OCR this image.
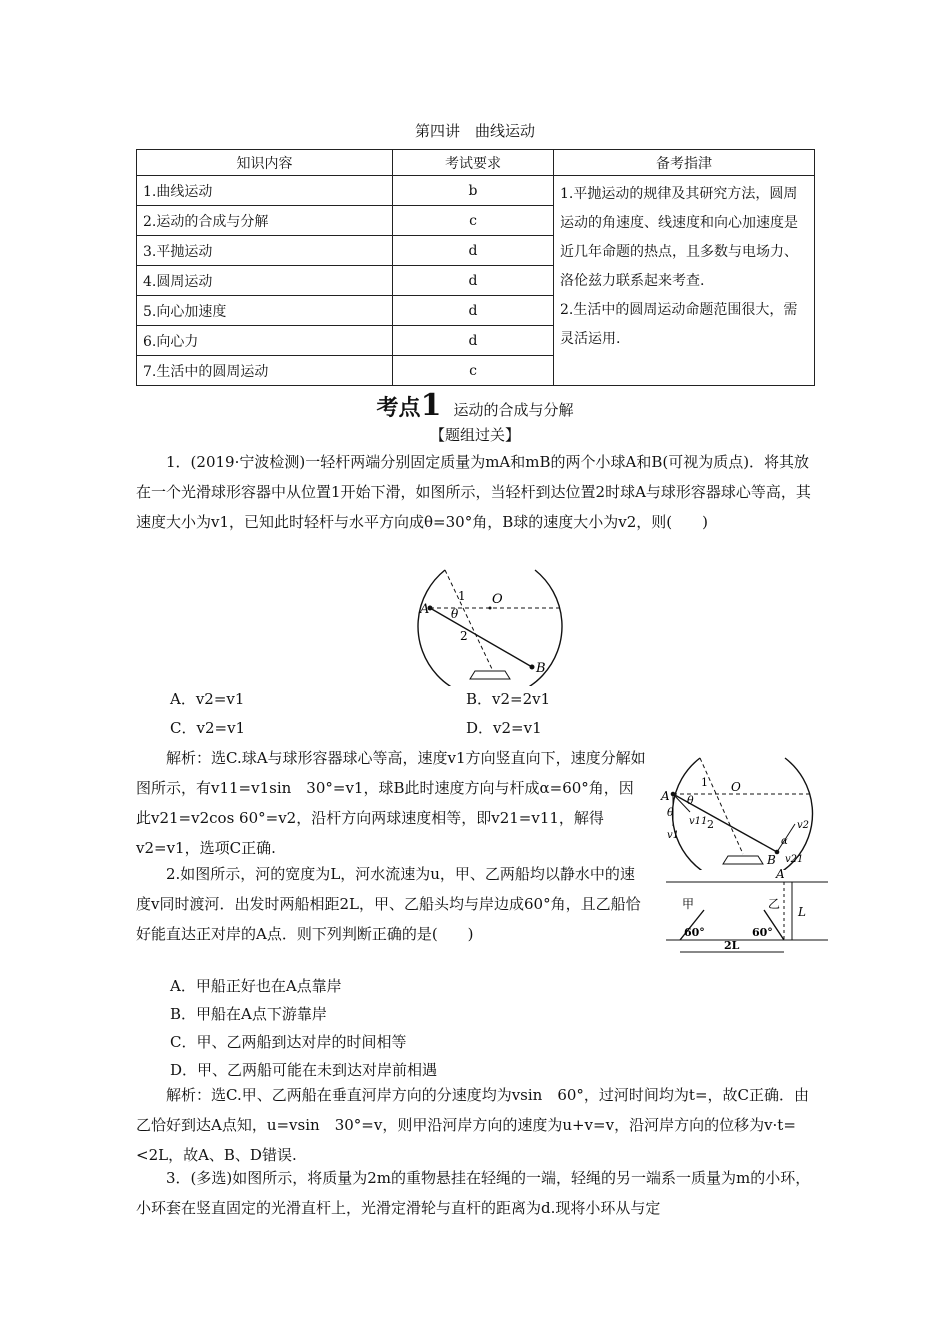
第四讲　曲线运动
知识内容	考试要求	备考指津
1.曲线运动	b	1.平抛运动的规律及其研究方法，圆周运动的角速度、线速度和向心加速度是近几年命题的热点，且多数与电场力、洛伦兹力联系起来考查.
2.生活中的圆周运动命题范围很大，需灵活运用.

2.运动的合成与分解	c	
3.平抛运动	d	
4.圆周运动	d	
5.向心加速度	d	
6.向心力	d	
7.生活中的圆周运动	c	
考点1 运动的合成与分解
【题组过关】
1．(2019·宁波检测)一轻杆两端分别固定质量为mA和mB的两个小球A和B(可视为质点)．将其放在一个光滑球形容器中从位置1开始下滑，如图所示，当轻杆到达位置2时球A与球形容器球心等高，其速度大小为v1，已知此时轻杆与水平方向成θ=30°角，B球的速度大小为v2，则(　　)
A
O
1
θ
2
B
A．v2=v1	B．v2=2v1
C．v2=v1	D．v2=v1
解析：选C.球A与球形容器球心等高，速度v1方向竖直向下，速度分解如图所示，有v11=v1sin　30°=v1，球B此时速度方向与杆成α=60°角，因此v21=v2cos 60°=v2，沿杆方向两球速度相等，即v21=v11，解得v2=v1，选项C正确.
A
1 O
θ
2
θ
v1
v11
α
B
v2
v21
2.如图所示，河的宽度为L，河水流速为u，甲、乙两船均以静水中的速度v同时渡河．出发时两船相距2L，甲、乙船头均与岸边成60°角，且乙船恰好能直达正对岸的A点．则下列判断正确的是(　　)
A
甲	乙
L
60°	60°
2L
A．甲船正好也在A点靠岸
B．甲船在A点下游靠岸
C．甲、乙两船到达对岸的时间相等
D．甲、乙两船可能在未到达对岸前相遇
解析：选C.甲、乙两船在垂直河岸方向的分速度均为vsin　60°，过河时间均为t=，故C正确．由乙恰好到达A点知，u=vsin　30°=v，则甲沿河岸方向的速度为u+v=v，沿河岸方向的位移为v·t=<2L，故A、B、D错误.
3．(多选)如图所示，将质量为2m的重物悬挂在轻绳的一端，轻绳的另一端系一质量为m的小环，小环套在竖直固定的光滑直杆上，光滑定滑轮与直杆的距离为d.现将小环从与定
